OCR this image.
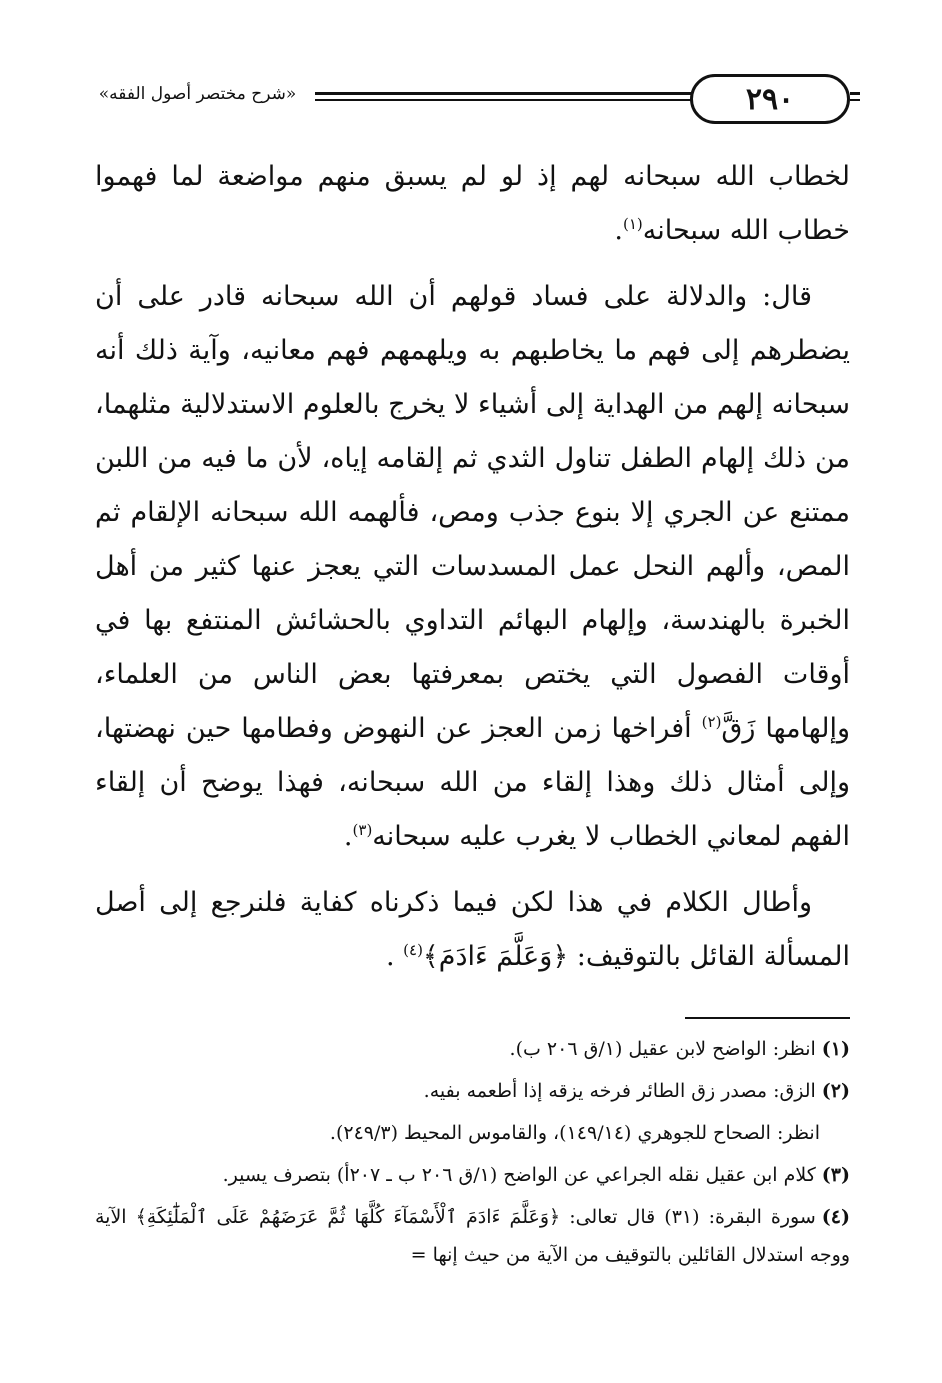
«شرح مختصر أصول الفقه»	٢٩٠

لخطاب الله سبحانه لهم إذ لو لم يسبق منهم مواضعة لما فهموا خطاب الله سبحانه$^{(١)}$.

قال: والدلالة على فساد قولهم أن الله سبحانه قادر على أن يضطرهم إلى فهم ما يخاطبهم به ويلهمهم فهم معانيه، وآية ذلك أنه سبحانه إلهم من الهداية إلى أشياء لا يخرج بالعلوم الاستدلالية مثلهما، من ذلك إلهام الطفل تناول الثدي ثم إلقامه إياه، لأن ما فيه من اللبن ممتنع عن الجري إلا بنوع جذب ومص، فألهمه الله سبحانه الإلقام ثم المص، وألهم النحل عمل المسدسات التي يعجز عنها كثير من أهل الخبرة بالهندسة، وإلهام البهائم التداوي بالحشائش المنتفع بها في أوقات الفصول التي يختص بمعرفتها بعض الناس من العلماء، وإلهامها زَقَّ$^{(٢)}$ أفراخها زمن العجز عن النهوض وفطامها حين نهضتها، وإلى أمثال ذلك وهذا إلقاء من الله سبحانه، فهذا يوضح أن إلقاء الفهم لمعاني الخطاب لا يغرب عليه سبحانه$^{(٣)}$.

وأطال الكلام في هذا لكن فيما ذكرناه كفاية فلنرجع إلى أصل المسألة القائل بالتوقيف: ﴿وَعَلَّمَ ءَادَمَ﴾$^{(٤)}$ .

(١)انظر: الواضح لابن عقيل (١/ق ٢٠٦ ب).
(٢)الزق: مصدر زق الطائر فرخه يزقه إذا أطعمه بفيه.
انظر: الصحاح للجوهري (١٤٩/١٤)، والقاموس المحيط (٢٤٩/٣).
(٣)كلام ابن عقيل نقله الجراعي عن الواضح (١/ق ٢٠٦ ب ـ ٢٠٧أ) بتصرف يسير.
(٤)سورة البقرة: (٣١) قال تعالى: ﴿وَعَلَّمَ ءَادَمَ ٱلْأَسْمَآءَ كُلَّهَا ثُمَّ عَرَضَهُمْ عَلَى ٱلْمَلَٰٓئِكَةِ﴾ الآية ووجه استدلال القائلين بالتوقيف من الآية من حيث إنها =
